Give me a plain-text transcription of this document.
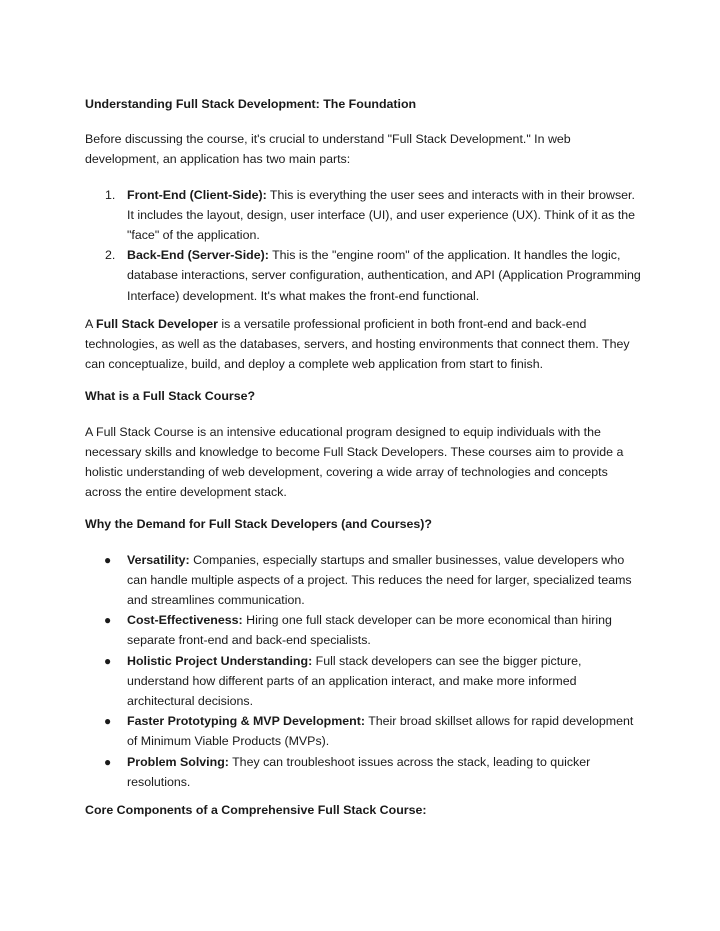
Understanding Full Stack Development: The Foundation

Before discussing the course, it's crucial to understand "Full Stack Development." In web development, an application has two main parts:

1. Front-End (Client-Side): This is everything the user sees and interacts with in their browser. It includes the layout, design, user interface (UI), and user experience (UX). Think of it as the "face" of the application.
2. Back-End (Server-Side): This is the "engine room" of the application. It handles the logic, database interactions, server configuration, authentication, and API (Application Programming Interface) development. It's what makes the front-end functional.

A Full Stack Developer is a versatile professional proficient in both front-end and back-end technologies, as well as the databases, servers, and hosting environments that connect them. They can conceptualize, build, and deploy a complete web application from start to finish.

What is a Full Stack Course?

A Full Stack Course is an intensive educational program designed to equip individuals with the necessary skills and knowledge to become Full Stack Developers. These courses aim to provide a holistic understanding of web development, covering a wide array of technologies and concepts across the entire development stack.

Why the Demand for Full Stack Developers (and Courses)?
● Versatility: Companies, especially startups and smaller businesses, value developers who can handle multiple aspects of a project. This reduces the need for larger, specialized teams and streamlines communication.
● Cost-Effectiveness: Hiring one full stack developer can be more economical than hiring separate front-end and back-end specialists.
● Holistic Project Understanding: Full stack developers can see the bigger picture, understand how different parts of an application interact, and make more informed architectural decisions.
● Faster Prototyping & MVP Development: Their broad skillset allows for rapid development of Minimum Viable Products (MVPs).
● Problem Solving: They can troubleshoot issues across the stack, leading to quicker resolutions.
Core Components of a Comprehensive Full Stack Course:
